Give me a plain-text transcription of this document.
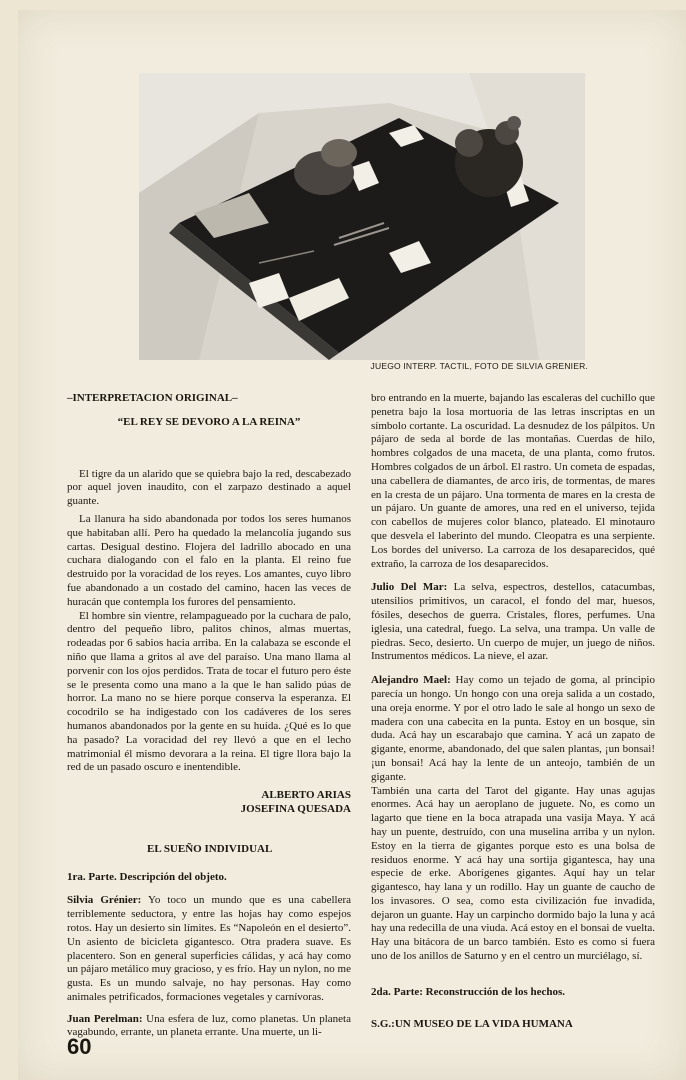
JUEGO INTERP. TACTIL, FOTO DE SILVIA GRENIER.

–INTERPRETACION ORIGINAL–

“EL REY SE DEVORO A LA REINA”

El tigre da un alarido que se quiebra bajo la red, descabezado por aquel joven inaudito, con el zarpazo destinado a aquel guante.

La llanura ha sido abandonada por todos los seres humanos que habitaban allí. Pero ha quedado la melancolía jugando sus cartas. Desigual destino. Flojera del ladrillo abocado en una cuchara dialogando con el falo en la planta. El reino fue destruido por la voracidad de los reyes. Los amantes, cuyo libro fue abandonado a un costado del camino, hacen las veces de huracán que contempla los furores del pensamiento.

El hombre sin vientre, relampagueado por la cuchara de palo, dentro del pequeño libro, palitos chinos, almas muertas, rodeadas por 6 sabios hacia arriba. En la calabaza se esconde el niño que llama a gritos al ave del paraíso. Una mano llama al porvenir con los ojos perdidos. Trata de tocar el futuro pero éste se le presenta como una mano a la que le han salido púas de horror. La mano no se hiere porque conserva la esperanza. El cocodrilo se ha indigestado con los cadáveres de los seres humanos abandonados por la gente en su huída. ¿Qué es lo que ha pasado? La voracidad del rey llevó a que en el lecho matrimonial él mismo devorara a la reina. El tigre llora bajo la red de un pasado oscuro e inentendible.

ALBERTO ARIAS

JOSEFINA QUESADA

EL SUEÑO INDIVIDUAL

1ra. Parte. Descripción del objeto.

Silvia Grénier: Yo toco un mundo que es una cabellera terriblemente seductora, y entre las hojas hay como espejos rotos. Hay un desierto sin límites. Es “Napoleón en el desierto”. Un asiento de bicicleta gigantesco. Otra pradera suave. Es placentero. Son en general superficies cálidas, y acá hay como un pájaro metálico muy gracioso, y es frío. Hay un nylon, no me gusta. Es un mundo salvaje, no hay personas. Hay como animales petrificados, formaciones vegetales y carnívoras.

Juan Perelman: Una esfera de luz, como planetas. Un planeta vagabundo, errante, un planeta errante. Una muerte, un li-

bro entrando en la muerte, bajando las escaleras del cuchillo que penetra bajo la losa mortuoria de las letras inscriptas en un símbolo cortante. La oscuridad. La desnudez de los pálpitos. Un pájaro de seda al borde de las montañas. Cuerdas de hilo, hombres colgados de una maceta, de una planta, como frutos. Hombres colgados de un árbol. El rastro. Un cometa de espadas, una cabellera de diamantes, de arco iris, de tormentas, de mares en la cresta de un pájaro. Una tormenta de mares en la cresta de un pájaro. Un guante de amores, una red en el universo, tejida con cabellos de mujeres color blanco, plateado. El minotauro que desvela el laberinto del mundo. Cleopatra es una serpiente. Los bordes del universo. La carroza de los desaparecidos, qué extraño, la carroza de los desaparecidos.

Julio Del Mar: La selva, espectros, destellos, catacumbas, utensilios primitivos, un caracol, el fondo del mar, huesos, fósiles, desechos de guerra. Cristales, flores, perfumes. Una iglesia, una catedral, fuego. La selva, una trampa. Un valle de piedras. Seco, desierto. Un cuerpo de mujer, un juego de niños. Instrumentos médicos. La nieve, el azar.

Alejandro Mael: Hay como un tejado de goma, al principio parecía un hongo. Un hongo con una oreja salida a un costado, una oreja enorme. Y por el otro lado le sale al hongo un sexo de madera con una cabecita en la punta. Estoy en un bosque, sin duda. Acá hay un escarabajo que camina. Y acá un zapato de gigante, enorme, abandonado, del que salen plantas, ¡un bonsai! ¡un bonsai! Acá hay la lente de un anteojo, también de un gigante.

También una carta del Tarot del gigante. Hay unas agujas enormes. Acá hay un aeroplano de juguete. No, es como un lagarto que tiene en la boca atrapada una vasija Maya. Y acá hay un puente, destruído, con una muselina arriba y un nylon. Estoy en la tierra de gigantes porque esto es una bolsa de residuos enorme. Y acá hay una sortija gigantesca, hay una especie de erke. Aborígenes gigantes. Aquí hay un telar gigantesco, hay lana y un rodillo. Hay un guante de caucho de los invasores. O sea, como esta civilización fue invadida, dejaron un guante. Hay un carpincho dormido bajo la luna y acá hay una redecilla de una viuda. Acá estoy en el bonsai de vuelta. Hay una bitácora de un barco también. Esto es como si fuera uno de los anillos de Saturno y en el centro un murciélago, sí.

2da. Parte: Reconstrucción de los hechos.

S.G.:UN MUSEO DE LA VIDA HUMANA

60
